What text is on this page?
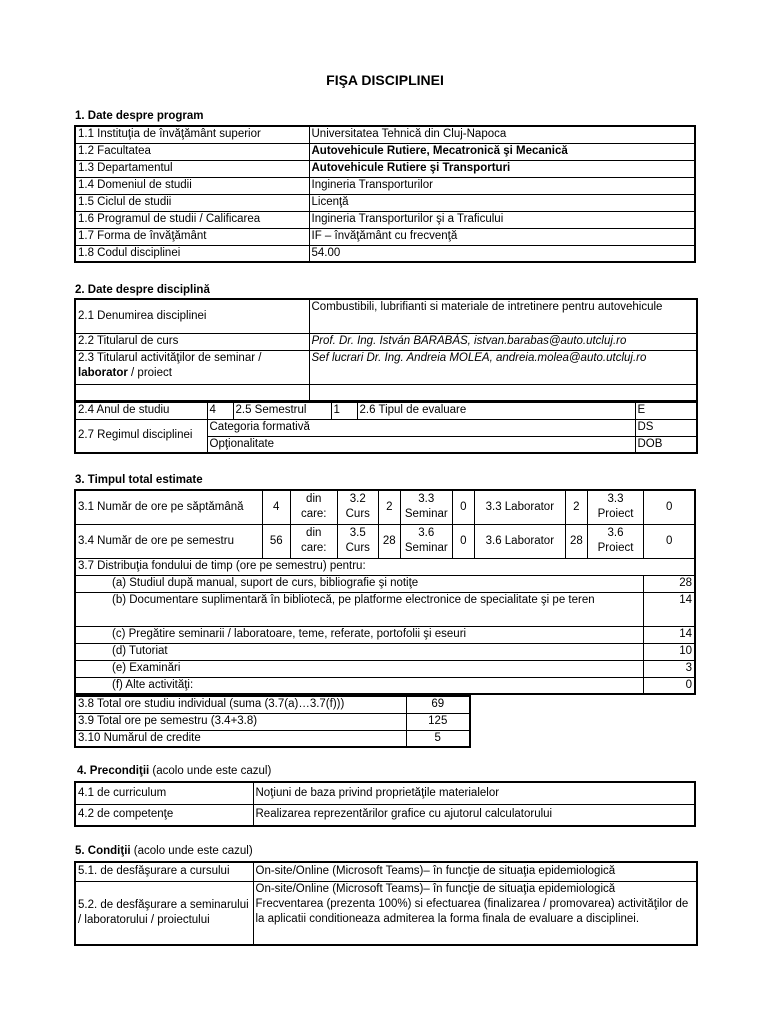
FIŞA DISCIPLINEI
1. Date despre program
1.1 Instituţia de învăţământ superior	Universitatea Tehnică din Cluj-Napoca
1.2 Facultatea	Autovehicule Rutiere, Mecatronică şi Mecanică
1.3 Departamentul	Autovehicule Rutiere şi Transporturi
1.4 Domeniul de studii	Ingineria Transporturilor
1.5 Ciclul de studii	Licenţă
1.6 Programul de studii / Calificarea	Ingineria Transporturilor şi a Traficului
1.7 Forma de învăţământ	IF – învăţământ cu frecvenţă
1.8 Codul disciplinei	54.00
2. Date despre disciplină
2.1 Denumirea disciplinei	Combustibili, lubrifianti si materiale de intretinere pentru autovehicule
2.2 Titularul de curs	Prof. Dr. Ing. István BARABÁS, istvan.barabas@auto.utcluj.ro
2.3 Titularul activităţilor de seminar /
laborator / proiect	Sef lucrari Dr. Ing. Andreia MOLEA, andreia.molea@auto.utcluj.ro

2.4 Anul de studiu	4	2.5 Semestrul	1	2.6 Tipul de evaluare	E
2.7 Regimul disciplinei	Categoria formativă				DS
	Opţionalitate				DOB
3. Timpul total estimate
3.1 Număr de ore pe săptămână	4	din care:	3.2 Curs	2	3.3 Seminar	0	3.3 Laborator	2	3.3 Proiect	0
3.4 Număr de ore pe semestru	56	din care:	3.5 Curs	28	3.6 Seminar	0	3.6 Laborator	28	3.6 Proiect	0
3.7 Distribuţia fondului de timp (ore pe semestru) pentru:										
(a) Studiul după manual, suport de curs, bibliografie şi notiţe										28
(b) Documentare suplimentară în bibliotecă, pe platforme electronice de specialitate şi pe teren										14
(c) Pregătire seminarii / laboratoare, teme, referate, portofolii şi eseuri										14
(d) Tutoriat										10
(e) Examinări										3
(f) Alte activităţi:										0
3.8 Total ore studiu individual (suma (3.7(a)…3.7(f)))	69
3.9 Total ore pe semestru (3.4+3.8)	125
3.10 Numărul de credite	5
4. Precondiţii (acolo unde este cazul)
4.1 de curriculum	Noţiuni de baza privind proprietăţile materialelor
4.2 de competenţe	Realizarea reprezentărilor grafice cu ajutorul calculatorului
5. Condiţii (acolo unde este cazul)
5.1. de desfăşurare a cursului	On-site/Online (Microsoft Teams)– în funcţie de situaţia epidemiologică
5.2. de desfăşurare a seminarului / laboratorului / proiectului	On-site/Online (Microsoft Teams)– în funcţie de situaţia epidemiologică
Frecventarea (prezenta 100%) si efectuarea (finalizarea / promovarea) activităţilor de la aplicatii conditioneaza admiterea la forma finala de evaluare a disciplinei.
